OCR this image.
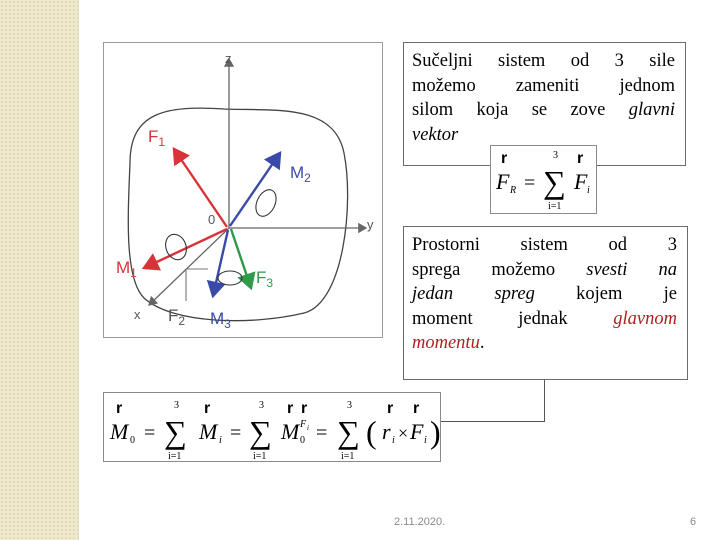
z
y
x
0
$F_1$
$M_1$
$M_2$
$F_3$
$F_2$ $M_3$
Sučeljni sistem od 3 sile
možemo zameniti jednom
silom koja se zove glavni
vektor
r	r
F R =
3
∑
i=1
F i
Prostorni sistem od 3
sprega možemo svesti na
jedan spreg kojem je
moment jednak glavnom
momentu.
r	r	r r	r r
M 0 =
3
∑
i=1
M i =
3
∑
i=1
M 0
F i =
3
∑
i=1
( r i × F i )
2.11.2020.	6
